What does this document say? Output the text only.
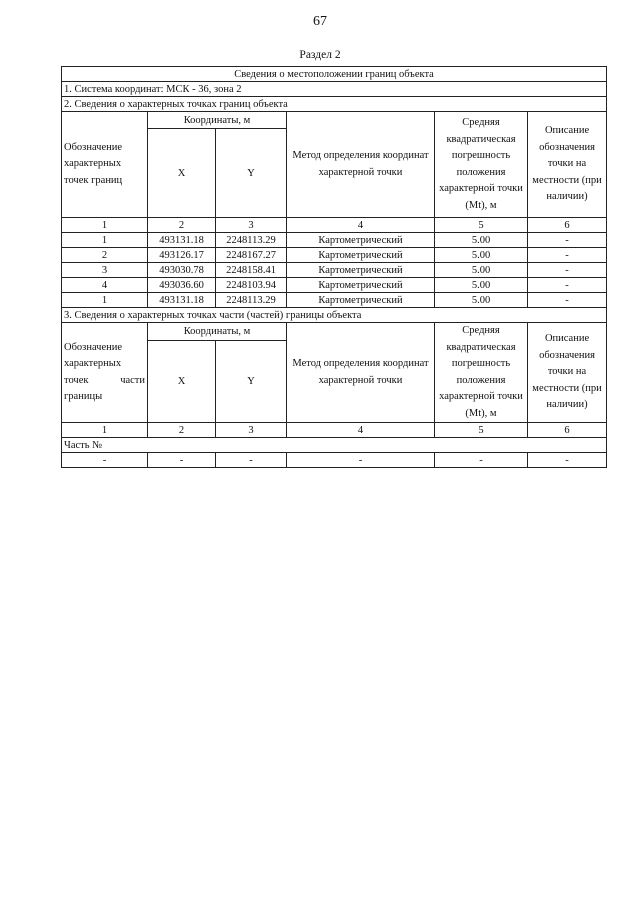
67
Раздел 2
Сведения о местоположении границ объекта					
1. Система координат: МСК - 36, зона 2					
2. Сведения о характерных точках границ объекта					
Обозначение характерных точек границ	Координаты, м		Метод определения координат характерной точки	Средняя квадратическая погрешность положения характерной точки (Mt), м	Описание обозначения точки на местности (при наличии)
	X	Y			
1	2	3	4	5	6
1	493131.18	2248113.29	Картометрический	5.00	-
2	493126.17	2248167.27	Картометрический	5.00	-
3	493030.78	2248158.41	Картометрический	5.00	-
4	493036.60	2248103.94	Картометрический	5.00	-
1	493131.18	2248113.29	Картометрический	5.00	-
3. Сведения о характерных точках части (частей) границы объекта					
Обозначение характерных точек части границы	Координаты, м		Метод определения координат характерной точки	Средняя квадратическая погрешность положения характерной точки (Mt), м	Описание обозначения точки на местности (при наличии)
	X	Y			
1	2	3	4	5	6
Часть №					
-	-	-	-	-	-
